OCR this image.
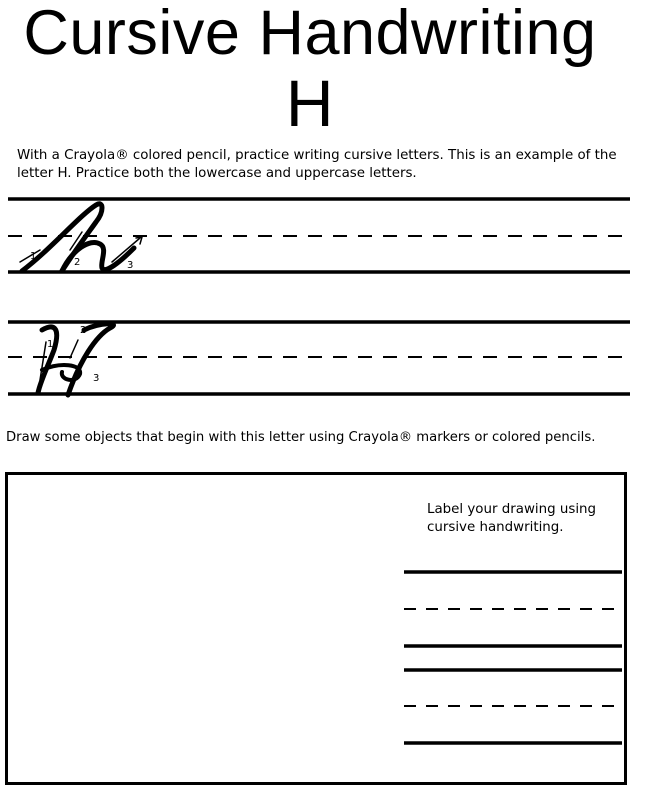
Cursive Handwriting
H
With a Crayola® colored pencil, practice writing cursive letters. This is an example of the letter H. Practice both the lowercase and uppercase letters.
1
2	3
1
2
3
Draw some objects that begin with this letter using Crayola® markers or colored pencils.
Label your drawing using cursive handwriting.
